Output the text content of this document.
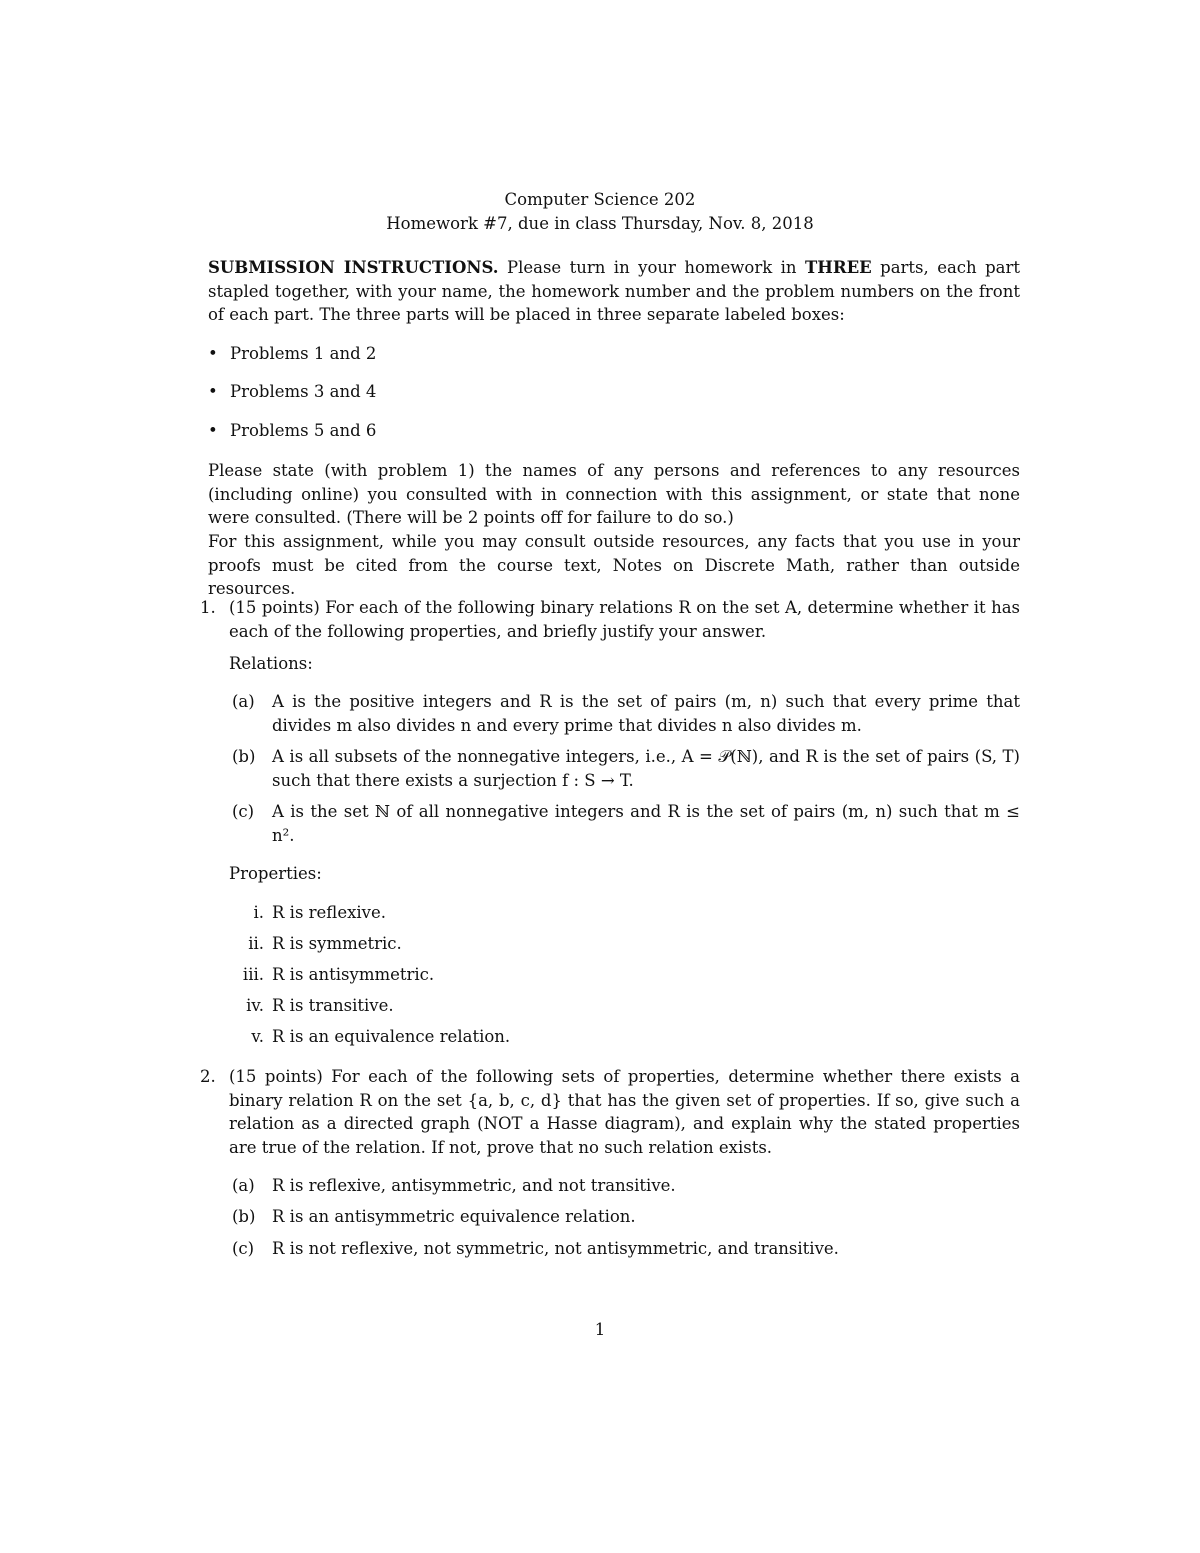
Computer Science 202

Homework #7, due in class Thursday, Nov. 8, 2018

SUBMISSION INSTRUCTIONS. Please turn in your homework in THREE parts, each part stapled together, with your name, the homework number and the problem numbers on the front of each part. The three parts will be placed in three separate labeled boxes:

• Problems 1 and 2

• Problems 3 and 4

• Problems 5 and 6

Please state (with problem 1) the names of any persons and references to any resources (including online) you consulted with in connection with this assignment, or state that none were consulted. (There will be 2 points off for failure to do so.)

For this assignment, while you may consult outside resources, any facts that you use in your proofs must be cited from the course text, Notes on Discrete Math, rather than outside resources.

1. (15 points) For each of the following binary relations R on the set A, determine whether it has each of the following properties, and briefly justify your answer.

Relations:

(a)	A is the positive integers and R is the set of pairs (m, n) such that every prime that divides m also divides n and every prime that divides n also divides m.

(b)	A is all subsets of the nonnegative integers, i.e., A = 𝒫(ℕ), and R is the set of pairs (S, T) such that there exists a surjection f : S → T.

(c)	A is the set ℕ of all nonnegative integers and R is the set of pairs (m, n) such that m ≤ n².

Properties:

i. R is reflexive.

ii. R is symmetric.

iii. R is antisymmetric.

iv. R is transitive.

v. R is an equivalence relation.

2. (15 points) For each of the following sets of properties, determine whether there exists a binary relation R on the set {a, b, c, d} that has the given set of properties. If so, give such a relation as a directed graph (NOT a Hasse diagram), and explain why the stated properties are true of the relation. If not, prove that no such relation exists.

(a)	R is reflexive, antisymmetric, and not transitive.

(b)	R is an antisymmetric equivalence relation.

(c)	R is not reflexive, not symmetric, not antisymmetric, and transitive.

1
